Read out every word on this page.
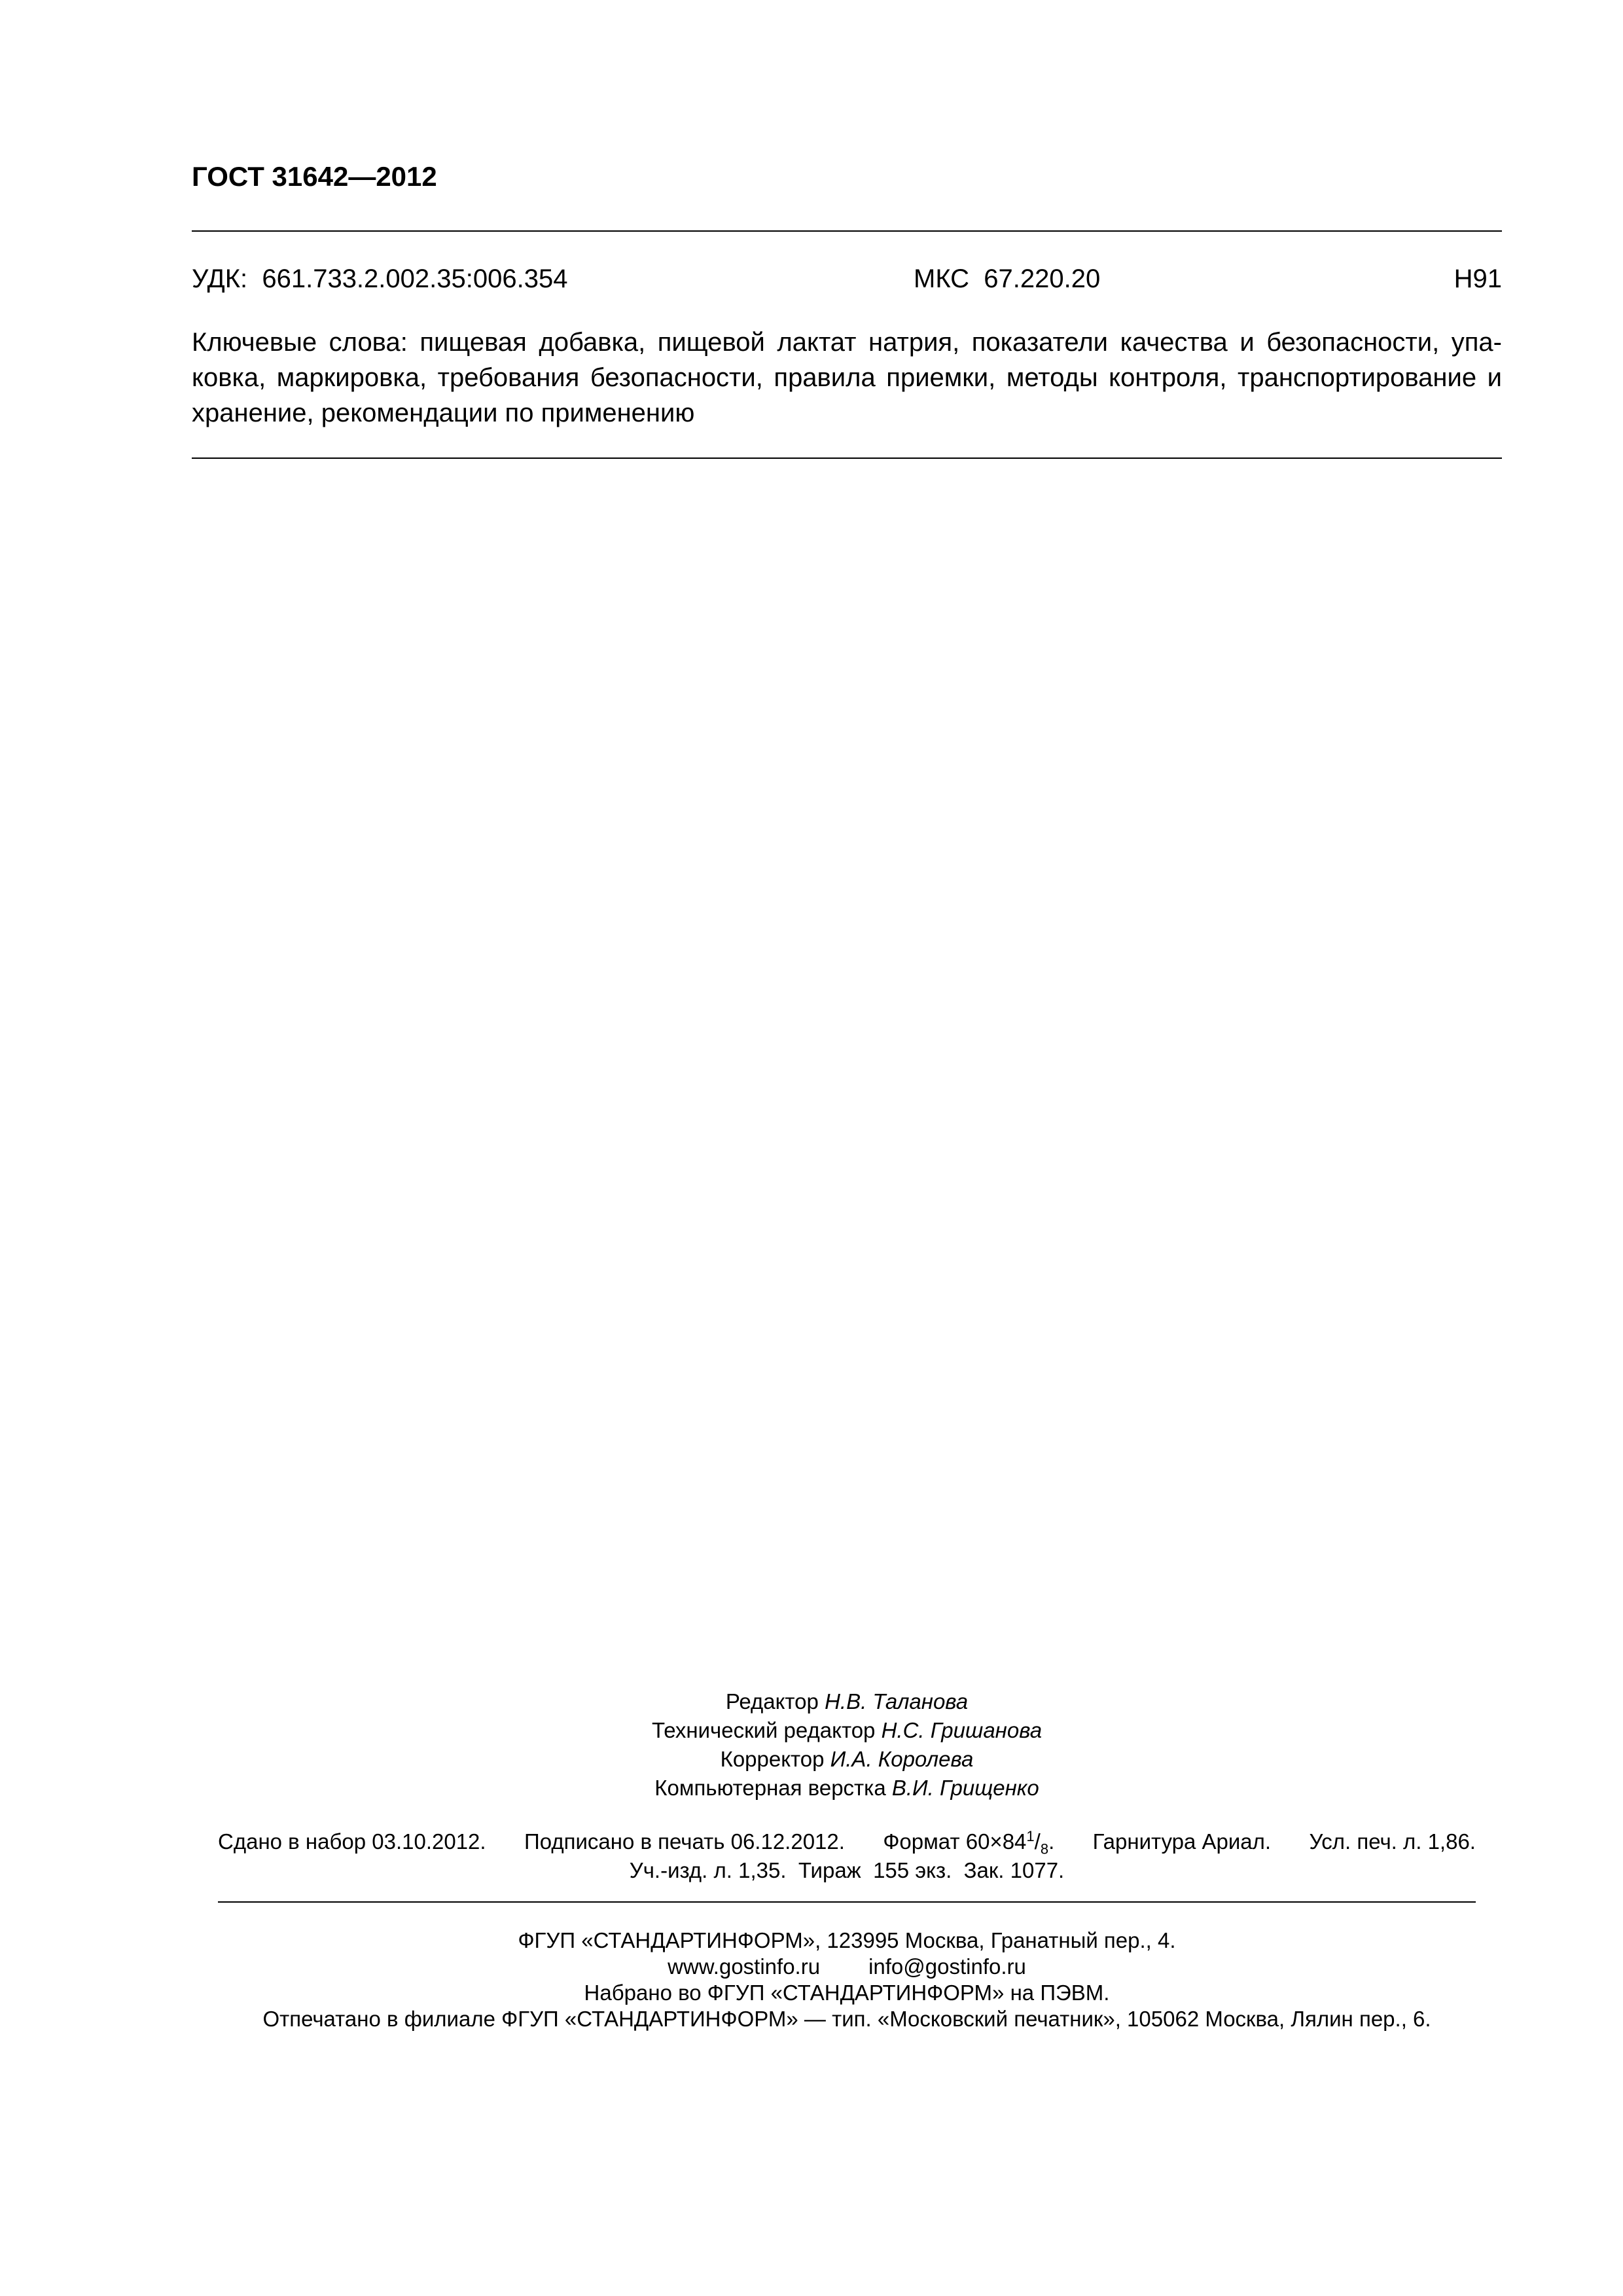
ГОСТ 31642—2012
УДК:  661.733.2.002.35:006.354	МКС  67.220.20	Н91
Ключевые слова: пищевая добавка, пищевой лактат натрия, показатели качества и безопасности, упа-
ковка, маркировка, требования безопасности, правила приемки, методы контроля, транспортирование и
хранение, рекомендации по применению
Редактор Н.В. Таланова
Технический редактор Н.С. Гришанова
Корректор И.А. Королева
Компьютерная верстка В.И. Грищенко
Сдано в набор 03.10.2012. Подписано в печать 06.12.2012. Формат $60\times 84^1/_8$. Гарнитура Ариал. Усл. печ. л. 1,86.
Уч.-изд. л. 1,35.  Тираж  155 экз.  Зак. 1077.
ФГУП «СТАНДАРТИНФОРМ», 123995 Москва, Гранатный пер., 4.
www.gostinfo.ru info@gostinfo.ru
Набрано во ФГУП «СТАНДАРТИНФОРМ» на ПЭВМ.
Отпечатано в филиале ФГУП «СТАНДАРТИНФОРМ» — тип. «Московский печатник», 105062 Москва, Лялин пер., 6.
